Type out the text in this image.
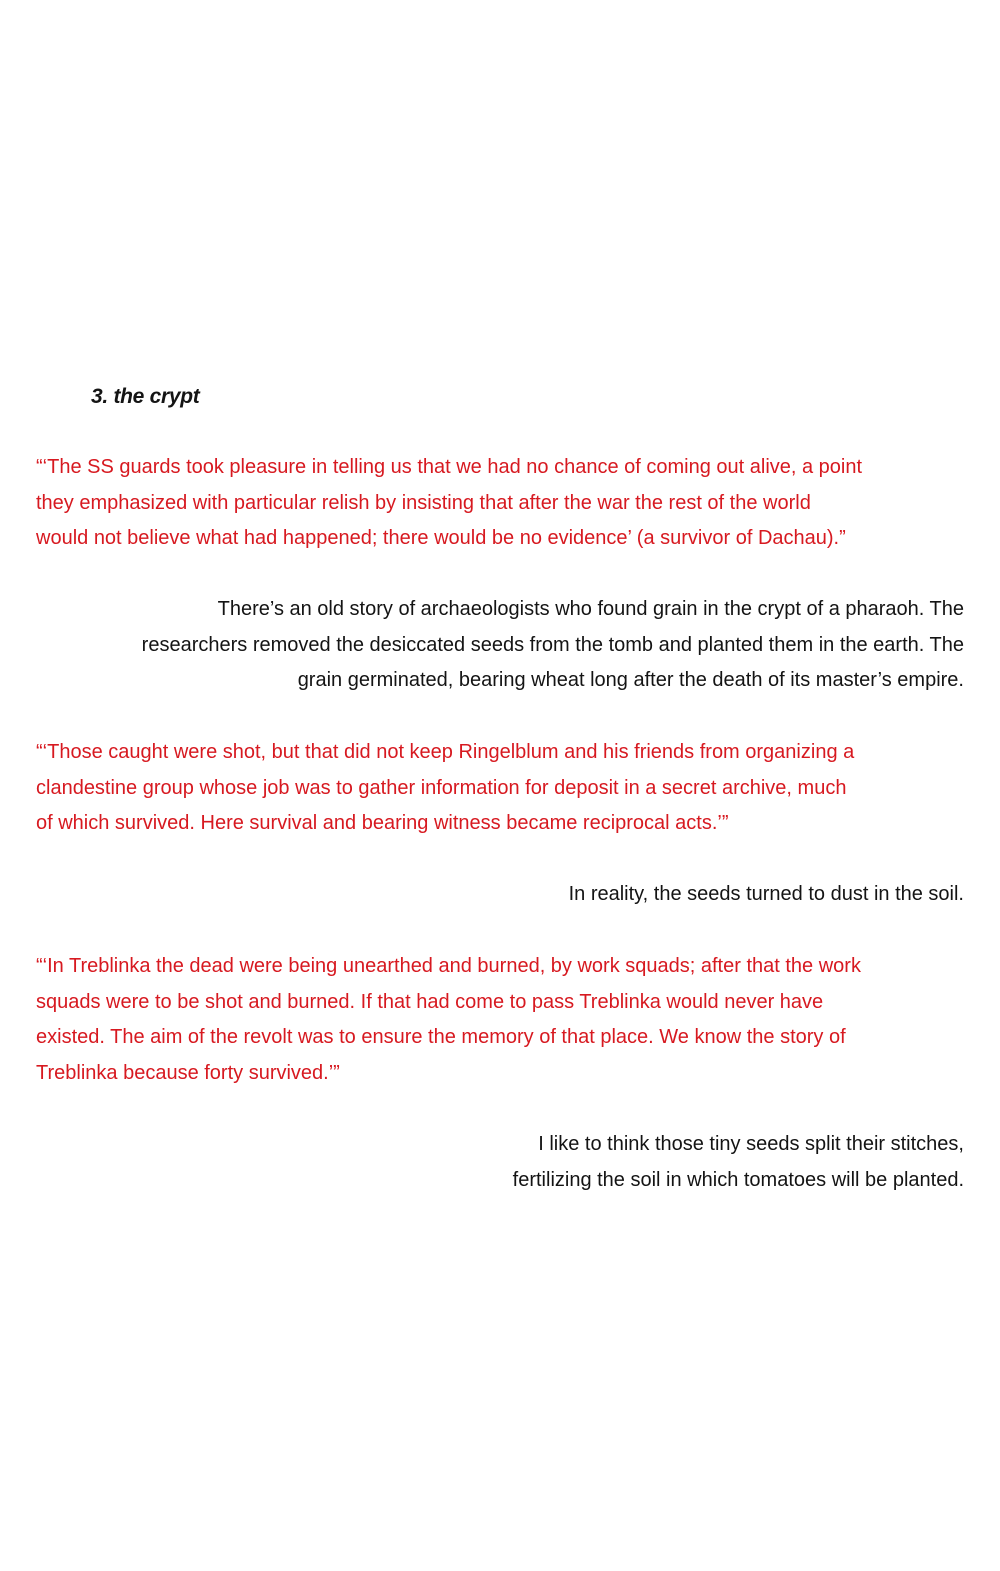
3. the crypt

“‘The SS guards took pleasure in telling us that we had no chance of coming out alive, a point
they emphasized with particular relish by insisting that after the war the rest of the world
would not believe what had happened; there would be no evidence’ (a survivor of Dachau).”

There’s an old story of archaeologists who found grain in the crypt of a pharaoh. The
researchers removed the desiccated seeds from the tomb and planted them in the earth. The
grain germinated, bearing wheat long after the death of its master’s empire.

“‘Those caught were shot, but that did not keep Ringelblum and his friends from organizing a
clandestine group whose job was to gather information for deposit in a secret archive, much
of which survived. Here survival and bearing witness became reciprocal acts.’”

In reality, the seeds turned to dust in the soil.

“‘In Treblinka the dead were being unearthed and burned, by work squads; after that the work
squads were to be shot and burned. If that had come to pass Treblinka would never have
existed. The aim of the revolt was to ensure the memory of that place. We know the story of
Treblinka because forty survived.’”

I like to think those tiny seeds split their stitches,
fertilizing the soil in which tomatoes will be planted.
